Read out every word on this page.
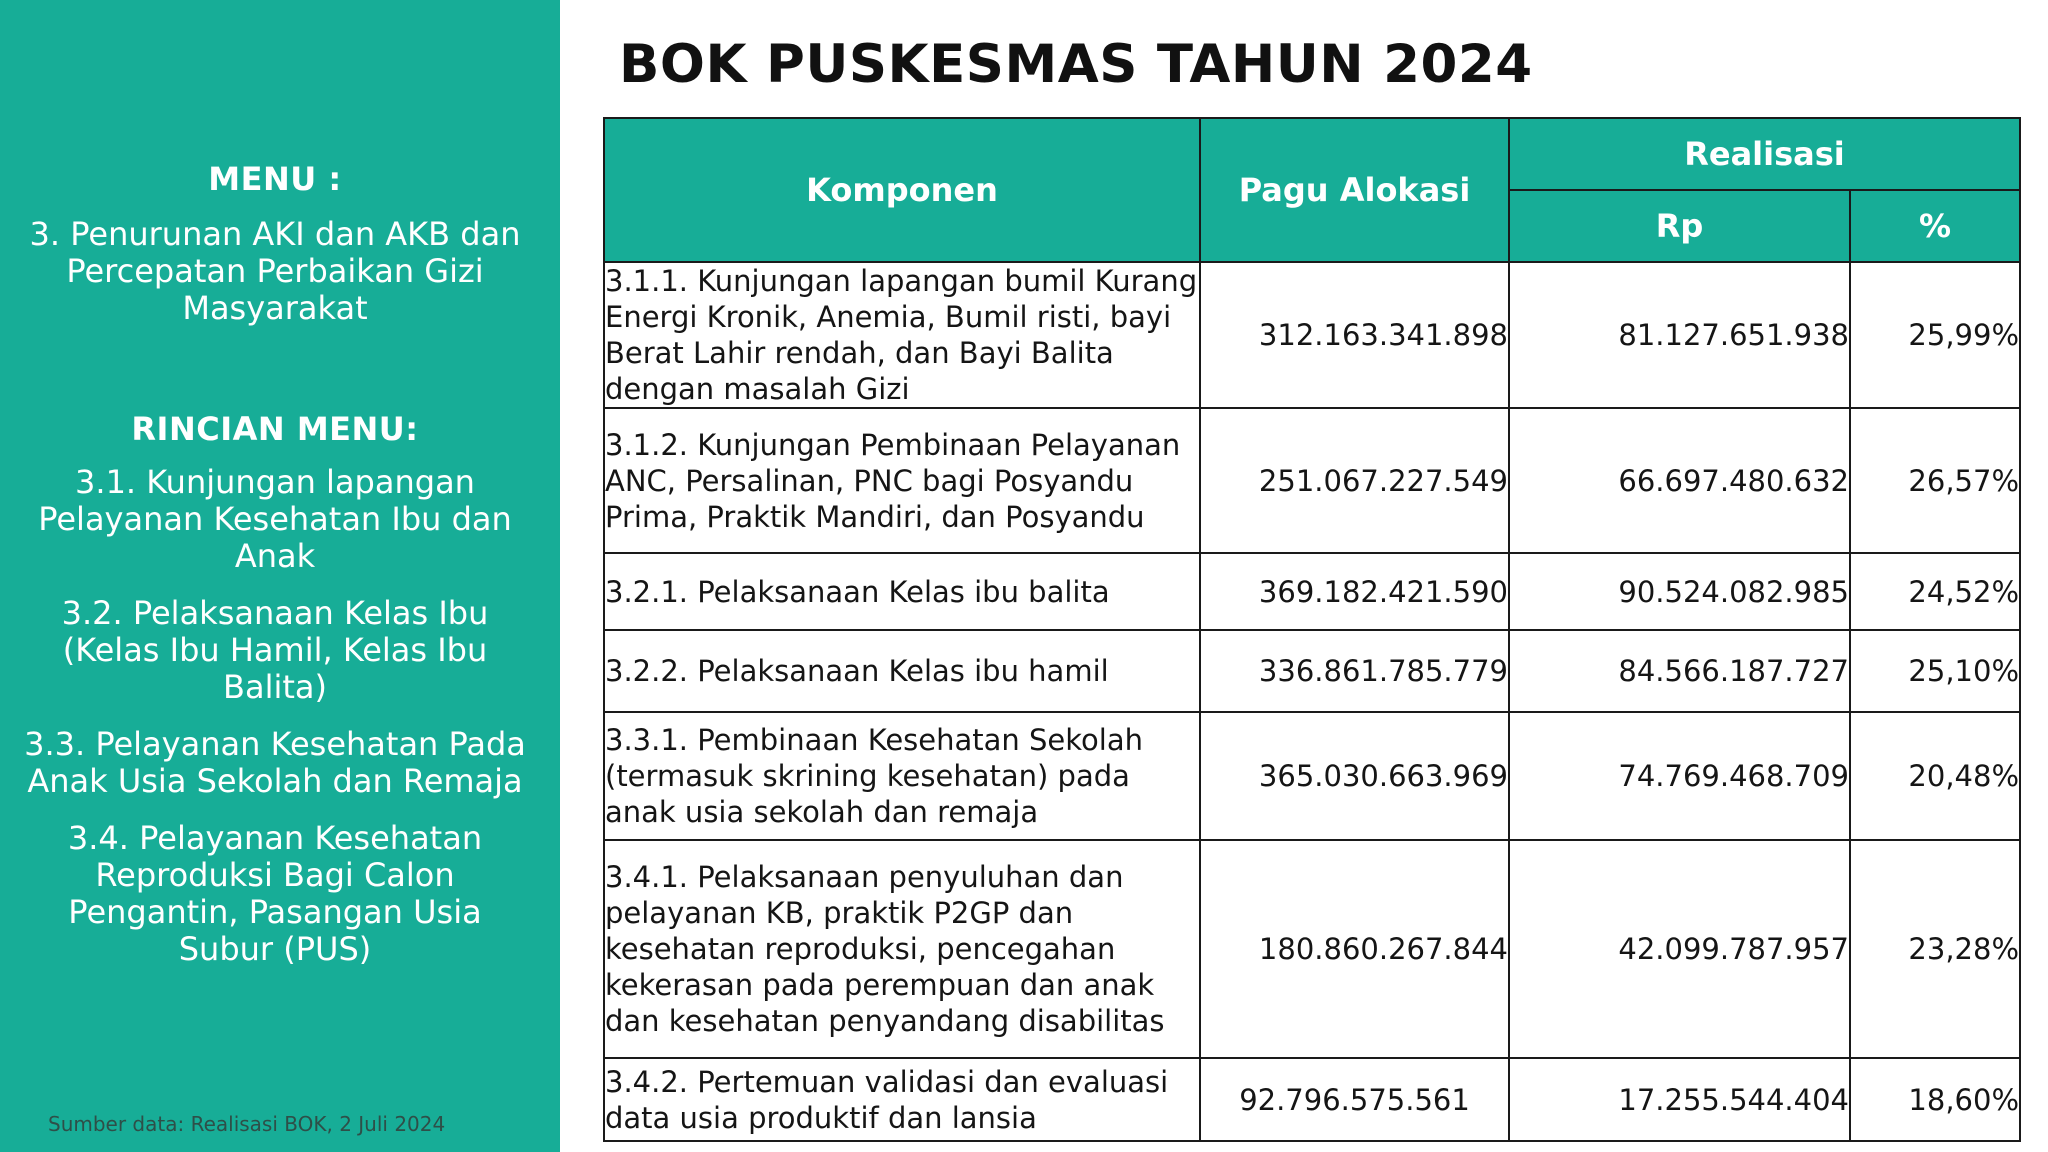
MENU :
3. Penurunan AKI dan AKB dan Percepatan Perbaikan Gizi Masyarakat
RINCIAN MENU:
3.1. Kunjungan lapangan Pelayanan Kesehatan Ibu dan Anak
3.2. Pelaksanaan Kelas Ibu (Kelas Ibu Hamil, Kelas Ibu Balita)
3.3. Pelayanan Kesehatan Pada Anak Usia Sekolah dan Remaja
3.4. Pelayanan Kesehatan Reproduksi Bagi Calon Pengantin, Pasangan Usia Subur (PUS)
Sumber data: Realisasi BOK, 2 Juli 2024
BOK PUSKESMAS TAHUN 2024
Komponen	Pagu Alokasi	Realisasi	
		Rp	%
3.1.1. Kunjungan lapangan bumil Kurang Energi Kronik, Anemia, Bumil risti, bayi Berat Lahir rendah, dan Bayi Balita dengan masalah Gizi	312.163.341.898	81.127.651.938	25,99%
3.1.2. Kunjungan Pembinaan Pelayanan ANC, Persalinan, PNC bagi Posyandu Prima, Praktik Mandiri, dan Posyandu	251.067.227.549	66.697.480.632	26,57%
3.2.1. Pelaksanaan Kelas ibu balita	369.182.421.590	90.524.082.985	24,52%
3.2.2. Pelaksanaan Kelas ibu hamil	336.861.785.779	84.566.187.727	25,10%
3.3.1. Pembinaan Kesehatan Sekolah (termasuk skrining kesehatan) pada anak usia sekolah dan remaja	365.030.663.969	74.769.468.709	20,48%
3.4.1. Pelaksanaan penyuluhan dan pelayanan KB, praktik P2GP dan kesehatan reproduksi, pencegahan kekerasan pada perempuan dan anak dan kesehatan penyandang disabilitas	180.860.267.844	42.099.787.957	23,28%
3.4.2. Pertemuan validasi dan evaluasi data usia produktif dan lansia	92.796.575.561	17.255.544.404	18,60%
